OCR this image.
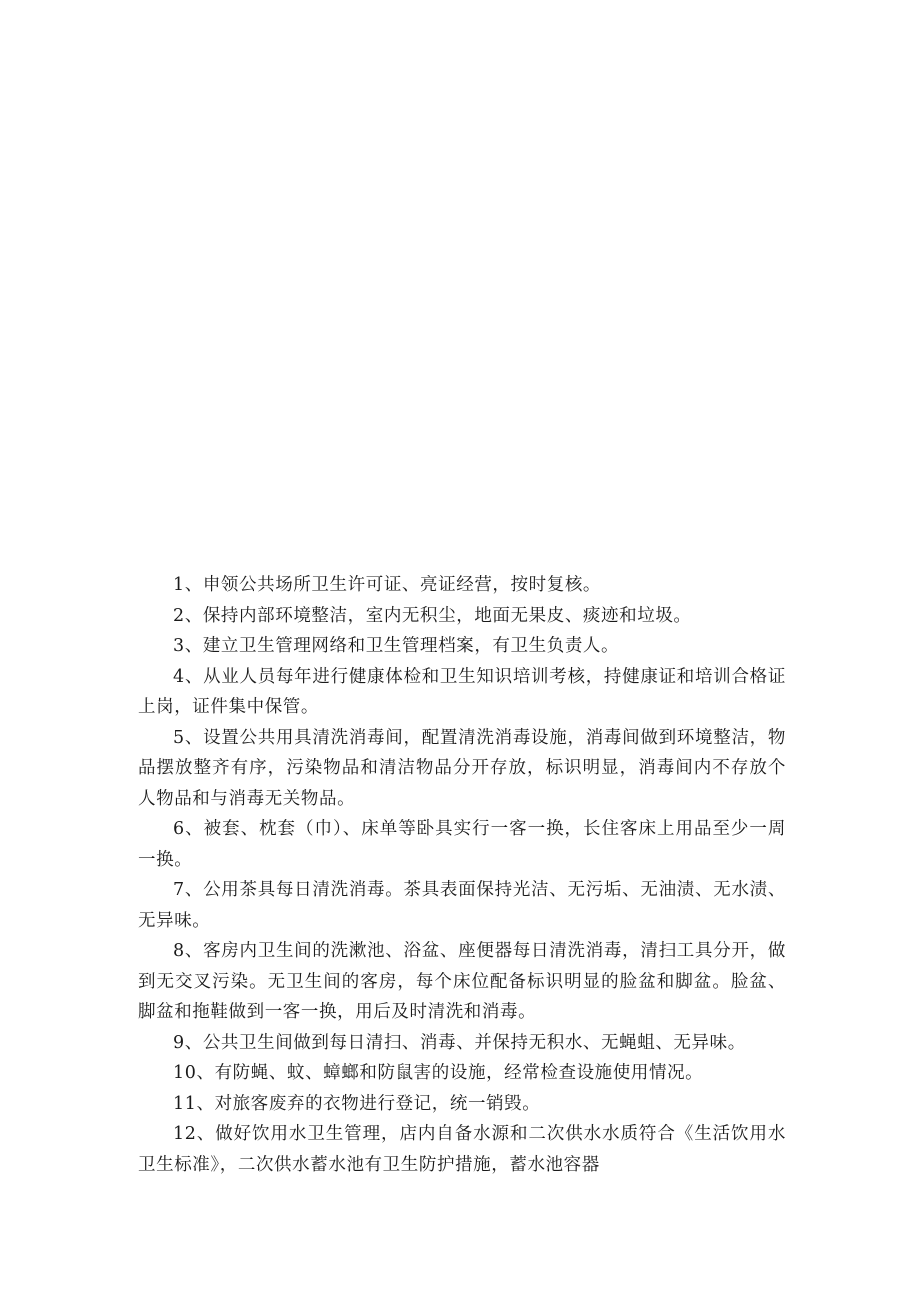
1、申领公共场所卫生许可证、亮证经营，按时复核。

2、保持内部环境整洁，室内无积尘，地面无果皮、痰迹和垃圾。

3、建立卫生管理网络和卫生管理档案，有卫生负责人。

4、从业人员每年进行健康体检和卫生知识培训考核，持健康证和培训合格证上岗，证件集中保管。

5、设置公共用具清洗消毒间，配置清洗消毒设施，消毒间做到环境整洁，物品摆放整齐有序，污染物品和清洁物品分开存放，标识明显，消毒间内不存放个人物品和与消毒无关物品。

6、被套、枕套（巾）、床单等卧具实行一客一换，长住客床上用品至少一周一换。

7、公用茶具每日清洗消毒。茶具表面保持光洁、无污垢、无油渍、无水渍、无异味。

8、客房内卫生间的洗漱池、浴盆、座便器每日清洗消毒，清扫工具分开，做到无交叉污染。无卫生间的客房，每个床位配备标识明显的脸盆和脚盆。脸盆、脚盆和拖鞋做到一客一换，用后及时清洗和消毒。

9、公共卫生间做到每日清扫、消毒、并保持无积水、无蝇蛆、无异味。

10、有防蝇、蚊、蟑螂和防鼠害的设施，经常检查设施使用情况。

11、对旅客废弃的衣物进行登记，统一销毁。

12、做好饮用水卫生管理，店内自备水源和二次供水水质符合《生活饮用水卫生标准》，二次供水蓄水池有卫生防护措施，蓄水池容器
